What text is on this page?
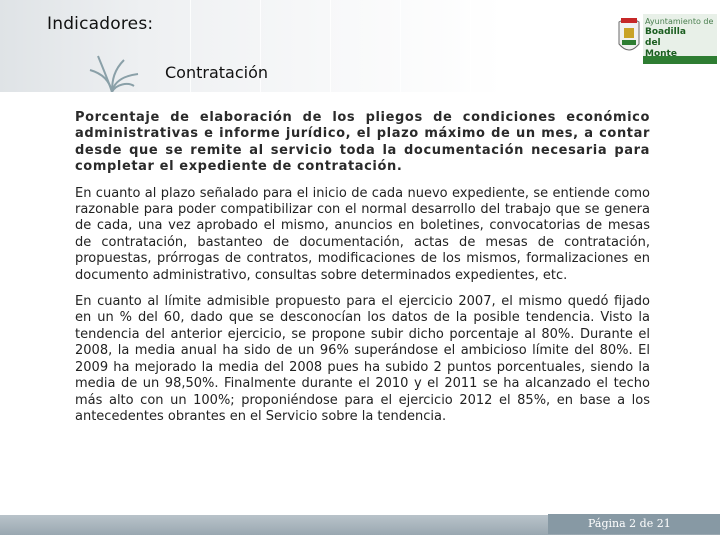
Indicadores:
Contratación
Ayuntamiento de
Boadilla
del
Monte

Porcentaje de elaboración de los pliegos de condiciones económico administrativas e informe jurídico, el plazo máximo de un mes, a contar desde que se remite al servicio toda la documentación necesaria para completar el expediente de contratación.

En cuanto al plazo señalado para el inicio de cada nuevo expediente, se entiende como razonable para poder compatibilizar con el normal desarrollo del trabajo que se genera de cada, una vez aprobado el mismo, anuncios en boletines, convocatorias de mesas de contratación, bastanteo de documentación, actas de mesas de contratación, propuestas, prórrogas de contratos, modificaciones de los mismos, formalizaciones en documento administrativo, consultas sobre determinados expedientes, etc.

En cuanto al límite admisible propuesto para el ejercicio 2007, el mismo quedó fijado en un % del 60, dado que se desconocían los datos de la posible tendencia. Visto la tendencia del anterior ejercicio, se propone subir dicho porcentaje al 80%. Durante el 2008, la media anual ha sido de un 96% superándose el ambicioso límite del 80%. El 2009 ha mejorado la media del 2008 pues ha subido 2 puntos porcentuales, siendo la media de un 98,50%. Finalmente durante el 2010 y el 2011 se ha alcanzado el techo más alto con un 100%; proponiéndose para el ejercicio 2012 el 85%, en base a los antecedentes obrantes en el Servicio sobre la tendencia.

Página 2 de 21
